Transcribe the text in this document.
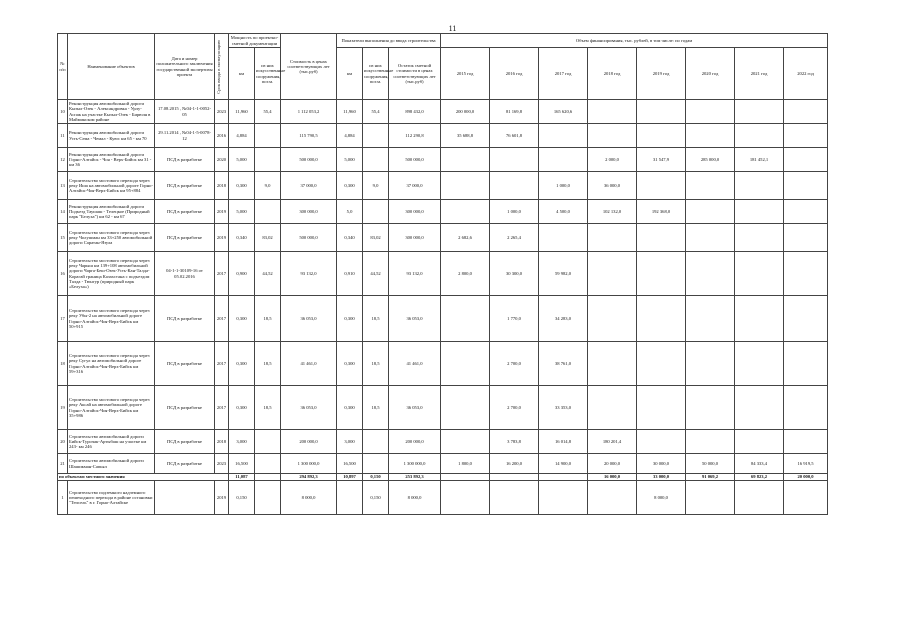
11
№ п/п	Наименование объектов	Дата и номер положительного заключения государственной экспертизы проекта	Срок ввода в эксплуатацию	Мощность по проектно-сметной документации		Стоимость в ценах соответствующих лет (тыс.руб)	Показатели выполнения до ввода строительства			Объем финансирования, тыс. рублей, в том числе: по годам							
				км	из них искусственные сооружения, пог.м.		км	из них искусственные сооружения, пог.м.	Остаток сметной стоимости в ценах соответствующих лет (тыс.руб)	2015 год	2016 год	2017 год	2018 год	2019 год	2020 год	2021 год	2022 год

10	Реконструкция автомобильной дороги Кызыл-Озек - Александровка - Урлу-Аспак на участке Кызыл-Озек - Бирюля в Майминском районе	17.08.2015 , №04-1-1-0052-05	2023	11,960	55,4	1 112 053,2	11,960	55,4	898 432,0	200 000,0	81 169,8	165 620,6					
11	Реконструкция автомобильной дороги Усть-Сема - Чемал - Куюс км 65 - км 70	29.11.2014 , №04-1-5-0078-12	2016	4,884		115 790,5	4,884		112 290,8	35 688,8	76 601,8						
12	Реконструкция автомобильной дороги Горно-Алтайск - Чоя - Верх-Бийск км 31 - км 36	ПСД в разработке	2020	5,000		500 000,0	5,000		500 000,0				2 000,0	31 547,9	285 000,0	181 452,1	
13	Строительство мостового перехода через реку Иша на автомобильной дороге Горно-Алтайск-Чоя-Верх-Бийск км 95+884	ПСД в разработке	2018	0,300	9,0	37 000,0	0,300	9,0	37 000,0			1 000,0	36 000,0				
14	Реконструкция автомобильной дороги Подъезд Таушаш - Телецкое (Природный парк "Белуха") км 62 - км 67	ПСД в разработке	2019	5,000		300 000,0	5,0		300 000,0		1 000,0	4 500,0	102 132,0	192 368,0			
15	Строительство мостового перехода через реку Чолушман км 33+250 автомобильной дороги Саратан-Язула	ПСД в разработке	2019	0,340	83,02	500 000,0	0,340	83,02	300 000,0	2 682,6	2 265,4						
16	Строительство мостового перехода через реку Чарыш км 139+108 автомобильной дороги Чарга-Беш-Озек-Усть-Кан-Талда-Корагай граница Казахстана с подъездом Талда - Тюнгур (природный парк «Белуха»)	04-1-1-30109-16 от 05.02.2016	2017	0,900	44,52	93 132,0	0,910	44,52	93 132,0	2 800,0	30 300,0	59 982,0					
17	Строительство мостового перехода через реку Убы-2 на автомобильной дороге Горно-Алтайск-Чоя-Верх-Бийск км 50+915	ПСД в разработке	2017	0,300	18,5	36 053,0	0,300	18,5	36 053,0		1 770,0	34 283,0					
18	Строительство мостового перехода через реку Сугул на автомобильной дороге Горно-Алтайск-Чоя-Верх-Бийск км 59+316	ПСД в разработке	2017	0,300	18,5	41 461,0	0,300	18,5	41 461,0		2 700,0	38 761,0					
19	Строительство мостового перехода через реку Аксай на автомобильной дороге Горно-Алтайск-Чоя-Верх-Бийск км 35+986	ПСД в разработке	2017	0,300	18,5	36 053,0	0,300	18,5	36 053,0		2 700,0	33 353,0					
20	Строительство автомобильной дороги Бийск-Турочак-Артыбаш на участке км 243- км 246	ПСД в разработке	2018	3,000		200 000,0	3,000		200 000,0		3 783,8	16 014,8	180 201,4				
21	Строительство автомобильной дороги Шашикман-Сапьял	ПСД в разработке	2023	16,500		1 300 000,0	16,500		1 300 000,0	1 800,0	16 200,0	14 900,0	20 000,0	30 000,0	50 000,0	84 333,4	16 919,5
по объектам местного значения				11,087		294 892,3	10,897	0,150	253 892,3				16 000,0	33 000,0	91 069,2	69 823,2	20 000,0
1	Строительство подземного надземного пешеходного перехода в районе остановки "Тепсель" в г. Горно-Алтайске		2019	0,150		8 000,0		0,150	8 000,0					8 000,0			
